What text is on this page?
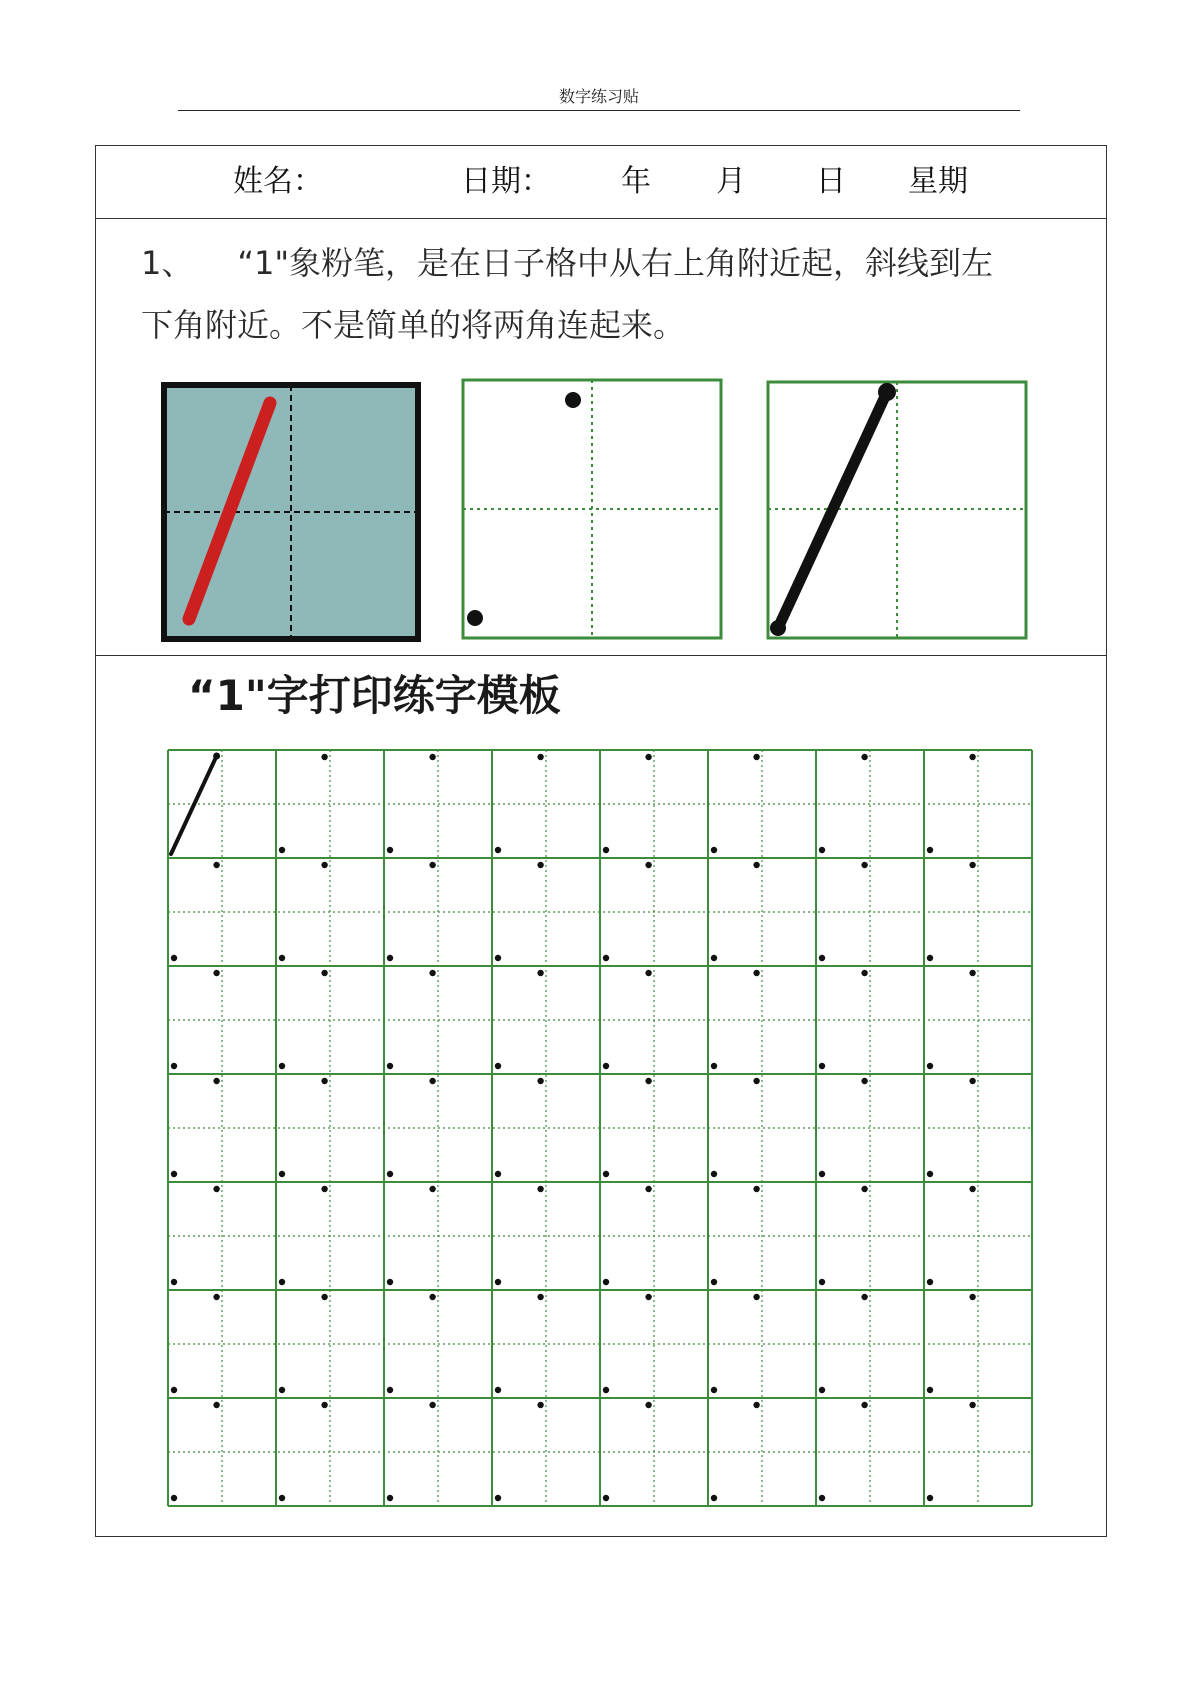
数字练习贴
姓名：	日期： 年 月 日 星期
1、 “1"象粉笔，是在日子格中从右上角附近起，斜线到左
下角附近。不是简单的将两角连起来。
“1"字打印练字模板
